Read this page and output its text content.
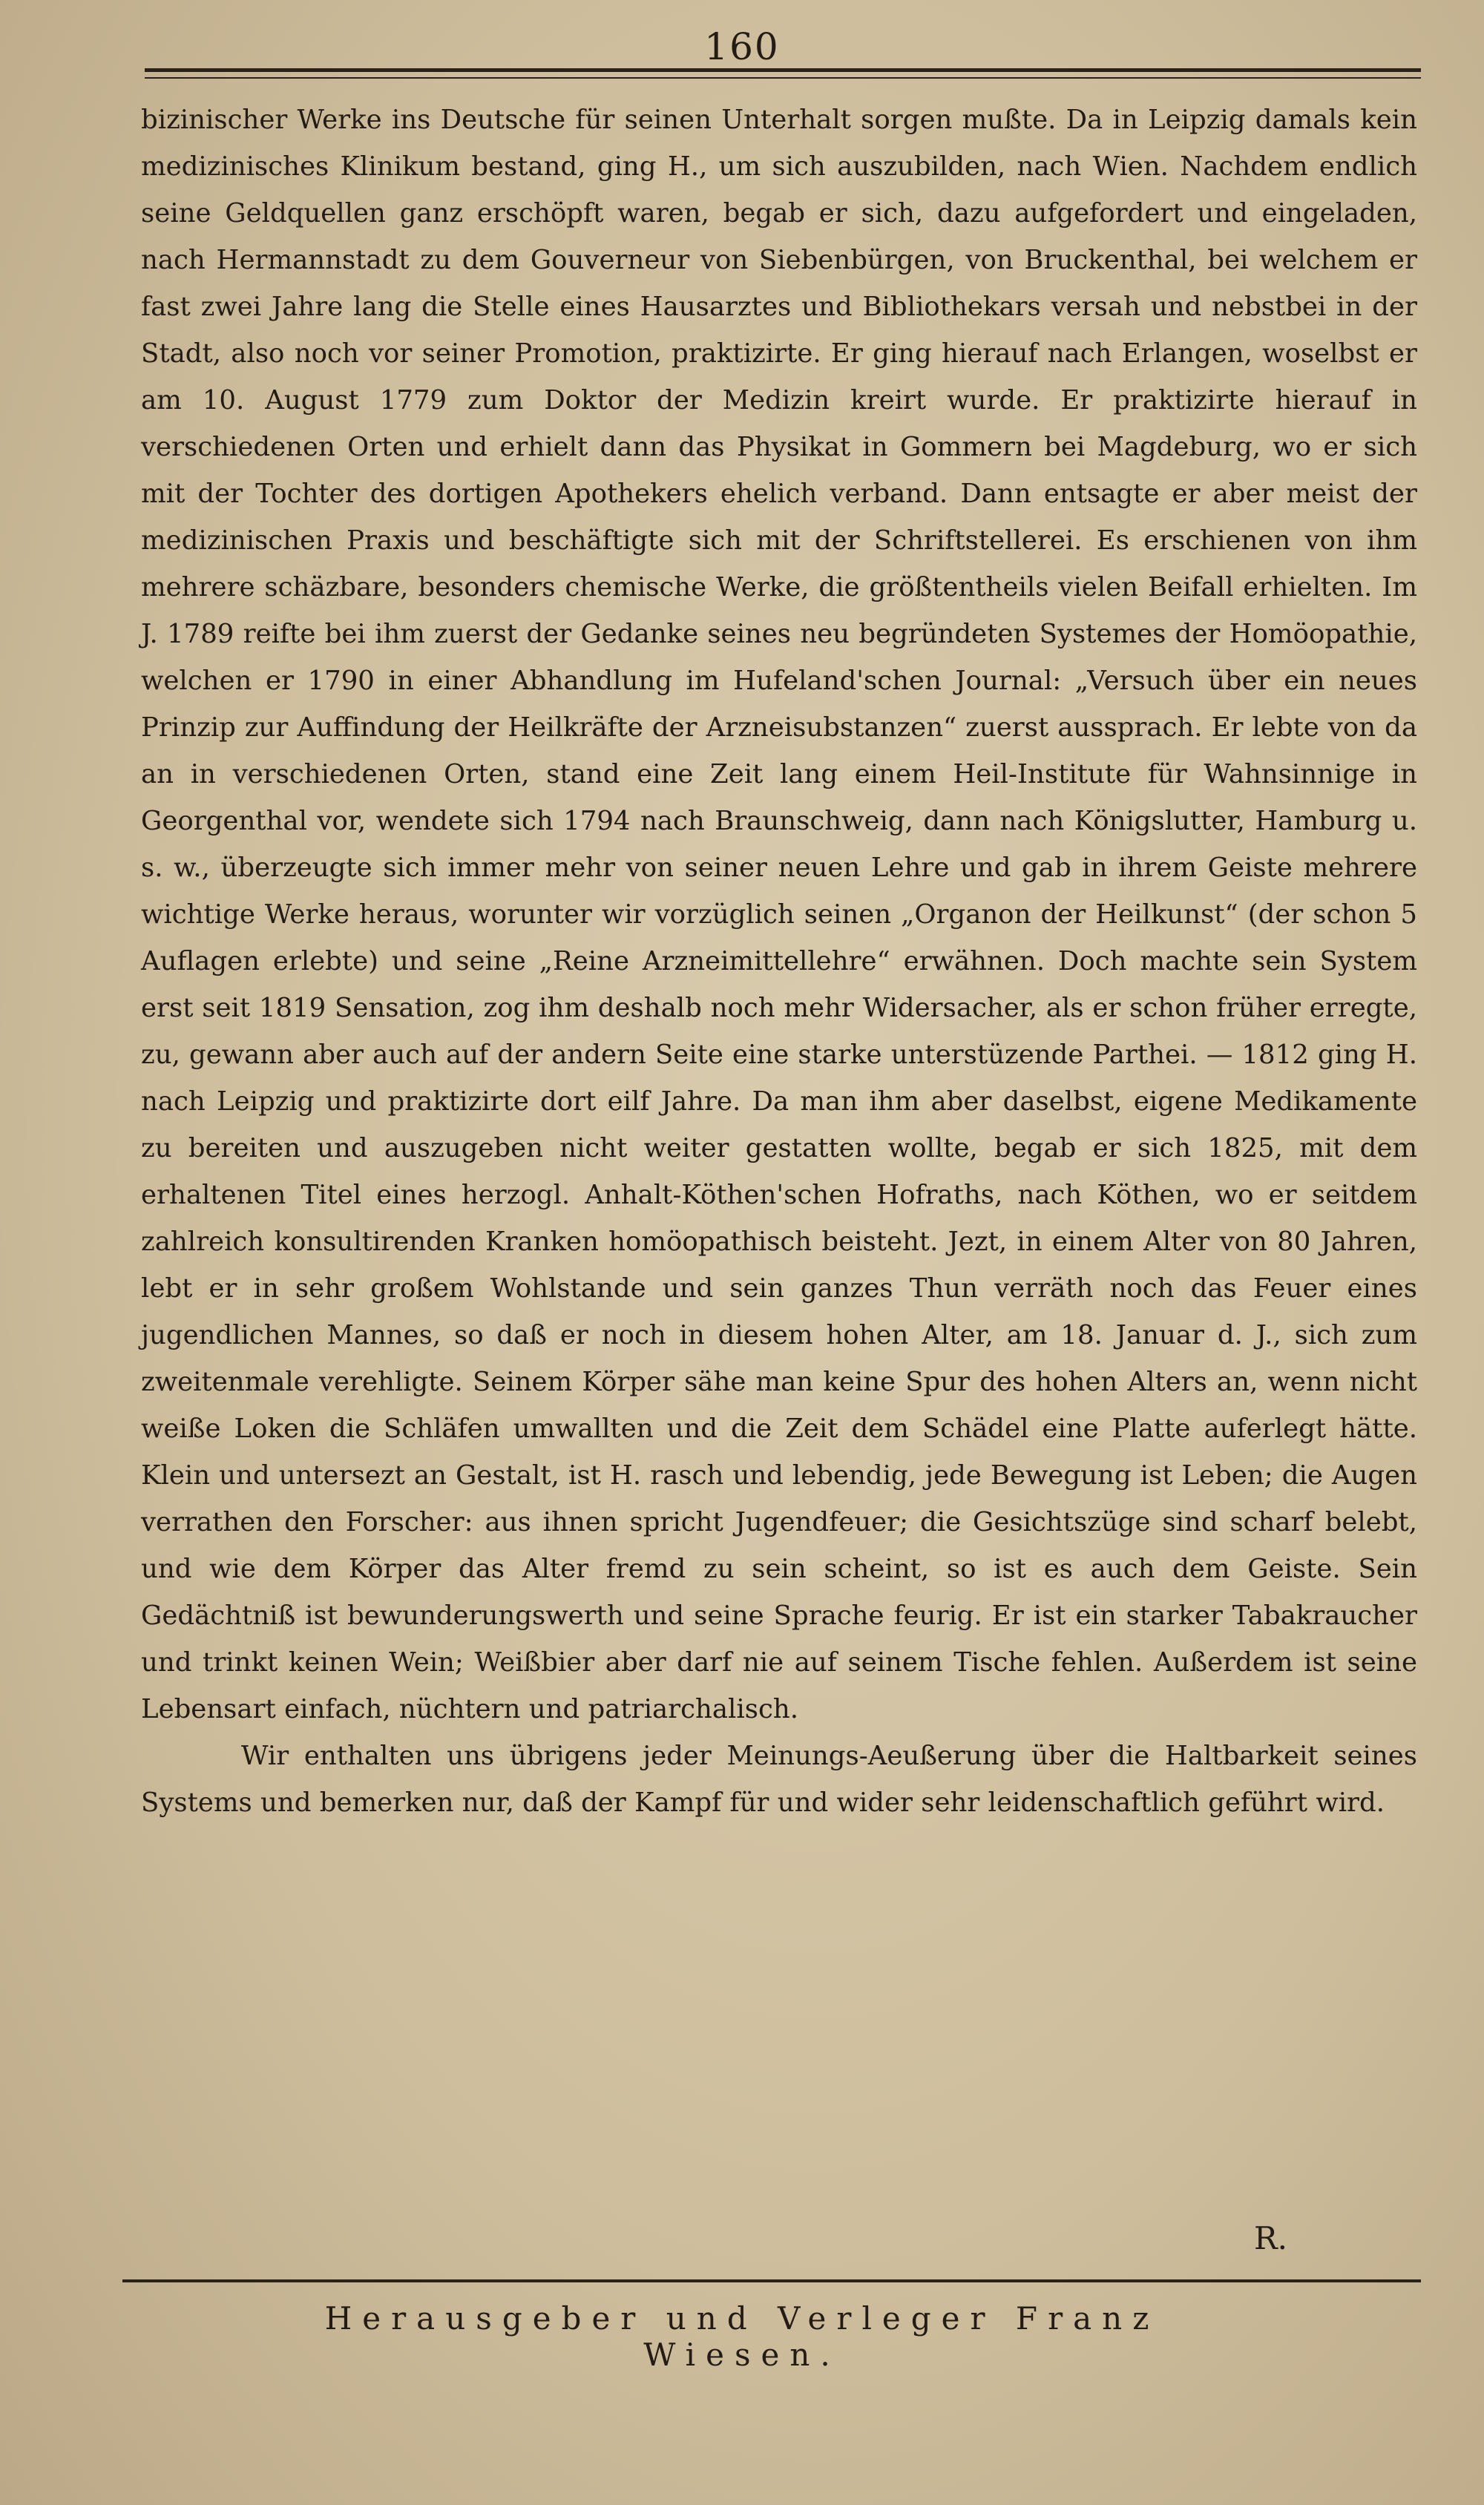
160

bizinischer Werke ins Deutsche für seinen Unterhalt sorgen mußte. Da in Leipzig damals kein medizinisches Klinikum bestand, ging H., um sich auszubilden, nach Wien. Nachdem endlich seine Geldquellen ganz erschöpft waren, begab er sich, dazu aufgefordert und eingeladen, nach Hermannstadt zu dem Gouverneur von Siebenbürgen, von Bruckenthal, bei welchem er fast zwei Jahre lang die Stelle eines Hausarztes und Bibliothekars versah und nebstbei in der Stadt, also noch vor seiner Promotion, praktizirte. Er ging hierauf nach Erlangen, woselbst er am 10. August 1779 zum Doktor der Medizin kreirt wurde. Er praktizirte hierauf in verschiedenen Orten und erhielt dann das Physikat in Gommern bei Magdeburg, wo er sich mit der Tochter des dortigen Apothekers ehelich verband. Dann entsagte er aber meist der medizinischen Praxis und beschäftigte sich mit der Schriftstellerei. Es erschienen von ihm mehrere schäzbare, besonders chemische Werke, die größtentheils vielen Beifall erhielten. Im J. 1789 reifte bei ihm zuerst der Gedanke seines neu begründeten Systemes der Homöopathie, welchen er 1790 in einer Abhandlung im Hufeland'schen Journal: „Versuch über ein neues Prinzip zur Auffindung der Heilkräfte der Arzneisubstanzen“ zuerst aussprach. Er lebte von da an in verschiedenen Orten, stand eine Zeit lang einem Heil-Institute für Wahnsinnige in Georgenthal vor, wendete sich 1794 nach Braunschweig, dann nach Königslutter, Hamburg u. s. w., überzeugte sich immer mehr von seiner neuen Lehre und gab in ihrem Geiste mehrere wichtige Werke heraus, worunter wir vorzüglich seinen „Organon der Heilkunst“ (der schon 5 Auflagen erlebte) und seine „Reine Arzneimittellehre“ erwähnen. Doch machte sein System erst seit 1819 Sensation, zog ihm deshalb noch mehr Widersacher, als er schon früher erregte, zu, gewann aber auch auf der andern Seite eine starke unterstüzende Parthei. — 1812 ging H. nach Leipzig und praktizirte dort eilf Jahre. Da man ihm aber daselbst, eigene Medikamente zu bereiten und auszugeben nicht weiter gestatten wollte, begab er sich 1825, mit dem erhaltenen Titel eines herzogl. Anhalt-Köthen'schen Hofraths, nach Köthen, wo er seitdem zahlreich konsultirenden Kranken homöopathisch beisteht. Jezt, in einem Alter von 80 Jahren, lebt er in sehr großem Wohlstande und sein ganzes Thun verräth noch das Feuer eines jugendlichen Mannes, so daß er noch in diesem hohen Alter, am 18. Januar d. J., sich zum zweitenmale verehligte. Seinem Körper sähe man keine Spur des hohen Alters an, wenn nicht weiße Loken die Schläfen umwallten und die Zeit dem Schädel eine Platte auferlegt hätte. Klein und untersezt an Gestalt, ist H. rasch und lebendig, jede Bewegung ist Leben; die Augen verrathen den Forscher: aus ihnen spricht Jugendfeuer; die Gesichtszüge sind scharf belebt, und wie dem Körper das Alter fremd zu sein scheint, so ist es auch dem Geiste. Sein Gedächtniß ist bewunderungswerth und seine Sprache feurig. Er ist ein starker Tabakraucher und trinkt keinen Wein; Weißbier aber darf nie auf seinem Tische fehlen. Außerdem ist seine Lebensart einfach, nüchtern und patriarchalisch.

Wir enthalten uns übrigens jeder Meinungs-Aeußerung über die Haltbarkeit seines Systems und bemerken nur, daß der Kampf für und wider sehr leidenschaftlich geführt wird.

R.
Herausgeber und Verleger Franz Wiesen.
